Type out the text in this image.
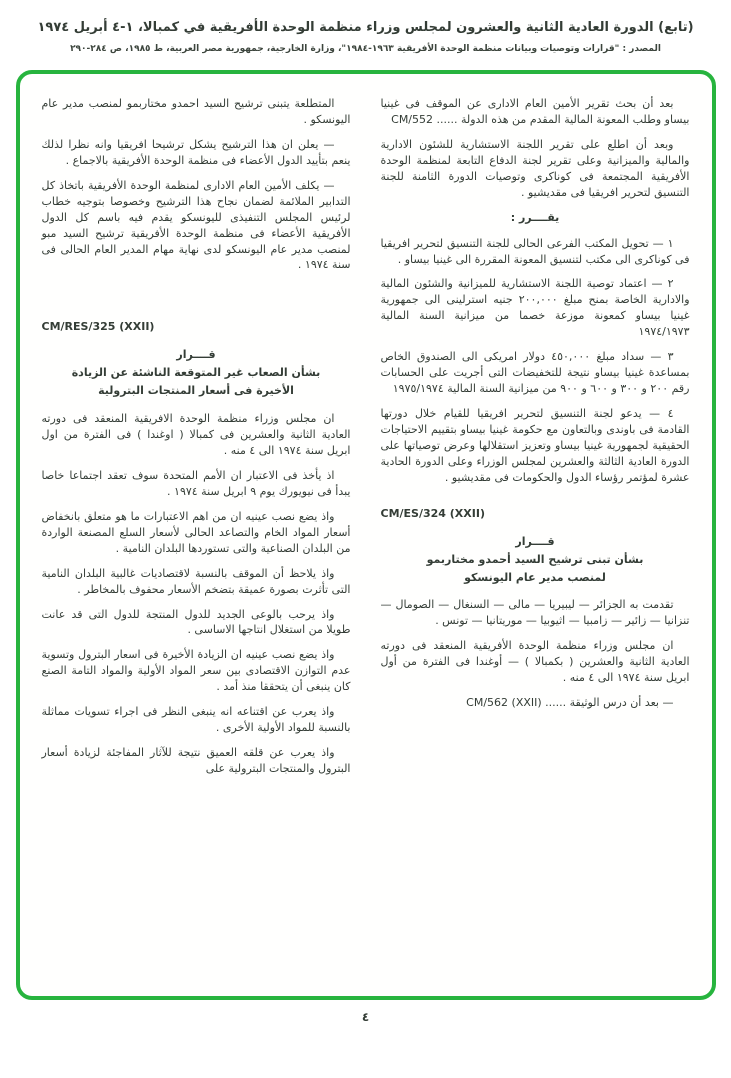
(تابع) الدورة العادية الثانية والعشرون لمجلس وزراء منظمة الوحدة الأفريقية في كمبالا، ١-٤ أبريل ١٩٧٤
المصدر : "قرارات وتوصيات وبيانات منظمة الوحدة الأفريقية ١٩٦٣-١٩٨٤"، وزارة الخارجية، جمهورية مصر العربية، ط ١٩٨٥، ص ٢٨٤-٢٩٠

بعد أن بحث تقرير الأمين العام الادارى عن الموقف فى غينيا بيساو وطلب المعونة المالية المقدم من هذه الدولة ...... CM/552

وبعد أن اطلع على تقرير اللجنة الاستشارية للشئون الادارية والمالية والميزانية وعلى تقرير لجنة الدفاع التابعة لمنظمة الوحدة الأفريقية المجتمعة فى كوناكرى وتوصيات الدورة الثامنة للجنة التنسيق لتحرير افريقيا فى مقديشيو .

يقــــرر :

١ — تحويل المكتب الفرعى الحالى للجنة التنسيق لتحرير افريقيا فى كوناكرى الى مكتب لتنسيق المعونة المقررة الى غينيا بيساو .

٢ — اعتماد توصية اللجنة الاستشارية للميزانية والشئون المالية والادارية الخاصة بمنح مبلغ ٢٠٠,٠٠٠ جنيه استرلينى الى جمهورية غينيا بيساو كمعونة موزعة خصما من ميزانية السنة المالية ١٩٧٤/١٩٧٣

٣ — سداد مبلغ ٤٥٠,٠٠٠ دولار امريكى الى الصندوق الخاص بمساعدة غينيا بيساو نتيجة للتخفيضات التى أجريت على الحسابات رقم ٢٠٠ و ٣٠٠ و ٦٠٠ و ٩٠٠ من ميزانية السنة المالية ١٩٧٥/١٩٧٤

٤ — يدعو لجنة التنسيق لتحرير افريقيا للقيام خلال دورتها القادمة فى باوندى وبالتعاون مع حكومة غينيا بيساو بتقييم الاحتياجات الحقيقية لجمهورية غينيا بيساو وتعزيز استقلالها وعرض توصياتها على الدورة العادية الثالثة والعشرين لمجلس الوزراء وعلى الدورة الحادية عشرة لمؤتمر رؤساء الدول والحكومات فى مقديشيو .

CM/ES/324 (XXII)
قــــرار
بشأن تبنى ترشيح السيد أحمدو مختاربمو
لمنصب مدير عام اليونسكو

تقدمت به الجزائر — ليبيريا — مالى — السنغال — الصومال — تنزانيا — زائير — زامبيا — اثيوبيا — موريتانيا — تونس .

ان مجلس وزراء منظمة الوحدة الأفريقية المنعقد فى دورته العادية الثانية والعشرين ( بكمبالا ) — أوغندا فى الفترة من أول ابريل سنة ١٩٧٤ الى ٤ منه .

— بعد أن درس الوثيقة ...... CM/562 (XXII)

المتطلعة يتبنى ترشيح السيد احمدو مختاربمو لمنصب مدير عام اليونسكو .

— يعلن ان هذا الترشيح يشكل ترشيحا افريقيا وانه نظرا لذلك ينعم بتأييد الدول الأعضاء فى منظمة الوحدة الأفريقية بالاجماع .

— يكلف الأمين العام الادارى لمنظمة الوحدة الأفريقية باتخاذ كل التدابير الملائمة لضمان نجاح هذا الترشيح وخصوصا بتوجيه خطاب لرئيس المجلس التنفيذى لليونسكو يقدم فيه باسم كل الدول الأفريقية الأعضاء فى منظمة الوحدة الأفريقية ترشيح السيد مبو لمنصب مدير عام اليونسكو لدى نهاية مهام المدير العام الحالى فى سنة ١٩٧٤ .

CM/RES/325 (XXII)
قــــرار
بشأن الصعاب غير المتوقعة الناشئة عن الزيادة
الأخيرة فى أسعار المنتجات البترولية

ان مجلس وزراء منظمة الوحدة الافريقية المنعقد فى دورته العادية الثانية والعشرين فى كمبالا ( اوغندا ) فى الفترة من اول ابريل سنة ١٩٧٤ الى ٤ منه .

اذ يأخذ فى الاعتبار ان الأمم المتحدة سوف تعقد اجتماعا خاصا يبدأ فى نيويورك يوم ٩ ابريل سنة ١٩٧٤ .

واذ يضع نصب عينيه ان من اهم الاعتبارات ما هو متعلق بانخفاض أسعار المواد الخام والتصاعد الحالى لأسعار السلع المصنعة الواردة من البلدان الصناعية والتى تستوردها البلدان النامية .

واذ يلاحظ أن الموقف بالنسبة لاقتصاديات غالبية البلدان النامية التى تأثرت بصورة عميقة بتضخم الأسعار محفوف بالمخاطر .

واذ يرحب بالوعى الجديد للدول المنتجة للدول التى قد عانت طويلا من استغلال انتاجها الاساسى .

واذ يضع نصب عينيه ان الزيادة الأخيرة فى اسعار البترول وتسوية عدم التوازن الاقتصادى بين سعر المواد الأولية والمواد التامة الصنع كان ينبغى أن يتحققا منذ أمد .

واذ يعرب عن اقتناعه انه ينبغى النظر فى اجراء تسويات مماثلة بالنسبة للمواد الأولية الأخرى .

واذ يعرب عن قلقه العميق نتيجة للآثار المفاجئة لزيادة أسعار البترول والمنتجات البترولية على

٤
